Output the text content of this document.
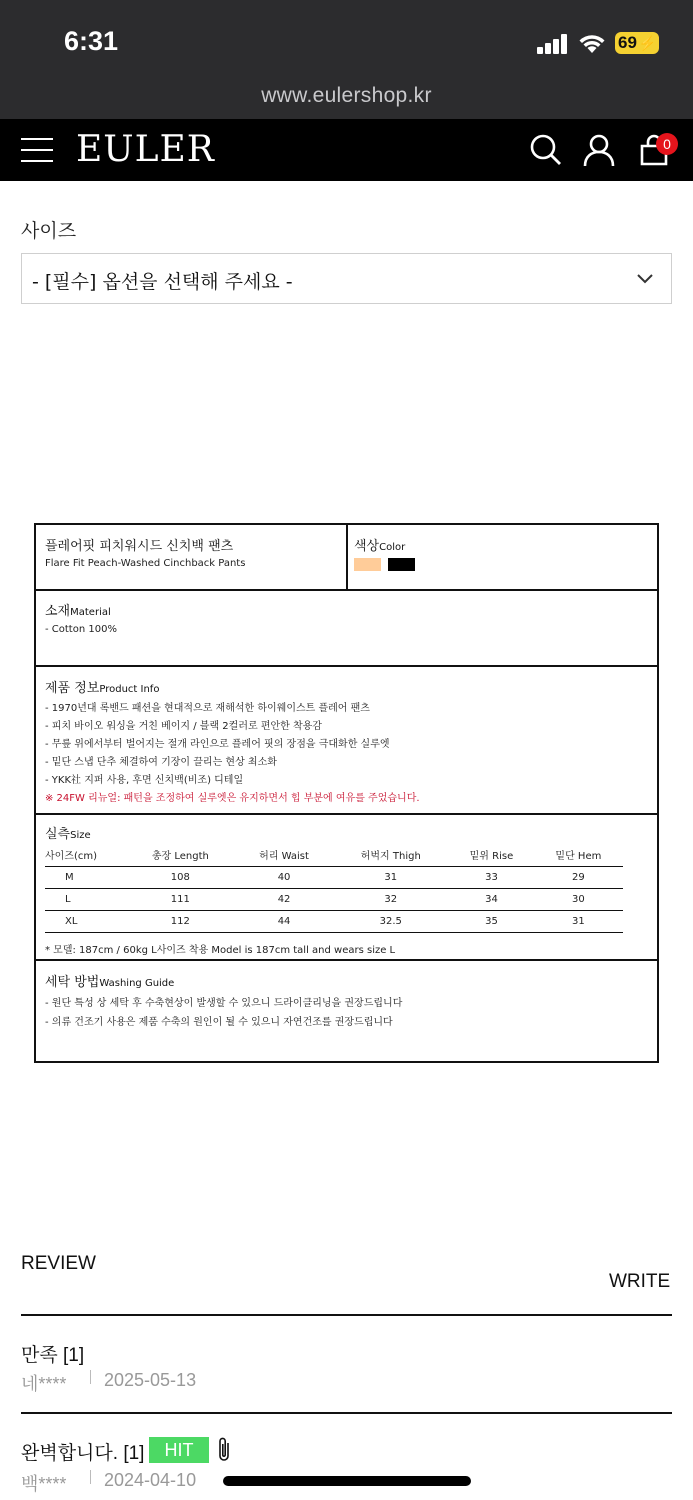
6:31	69 ⚡
www.eulershop.kr
EULER	0
사이즈
- [필수] 옵션을 선택해 주세요 -
플레어핏 피치워시드 신치백 팬츠
Flare Fit Peach-Washed Cinchback Pants
색상Color
소재Material
- Cotton 100%
제품 정보Product Info
- 1970년대 록밴드 패션을 현대적으로 재해석한 하이웨이스트 플레어 팬츠
- 피치 바이오 워싱을 거친 베이지 / 블랙 2컬러로 편안한 착용감
- 무릎 위에서부터 벌어지는 절개 라인으로 플레어 핏의 장점을 극대화한 실루엣
- 밑단 스냅 단추 체결하여 기장이 끌리는 현상 최소화
- YKK社 지퍼 사용, 후면 신치백(비조) 디테일
※ 24FW 리뉴얼: 패턴을 조정하여 실루엣은 유지하면서 힙 부분에 여유를 주었습니다.
실측Size
사이즈(cm)	총장 Length	허리 Waist	허벅지 Thigh	밑위 Rise	밑단 Hem
M	108	40	31	33	29
L	111	42	32	34	30
XL	112	44	32.5	35	31
* 모델: 187cm / 60kg L사이즈 착용 Model is 187cm tall and wears size L
세탁 방법Washing Guide
- 원단 특성 상 세탁 후 수축현상이 발생할 수 있으니 드라이클리닝을 권장드립니다
- 의류 건조기 사용은 제품 수축의 원인이 될 수 있으니 자연건조를 권장드립니다
REVIEW
WRITE
만족 [1]
네**** 2025-05-13
완벽합니다. [1]	HIT
백**** 2024-04-10
